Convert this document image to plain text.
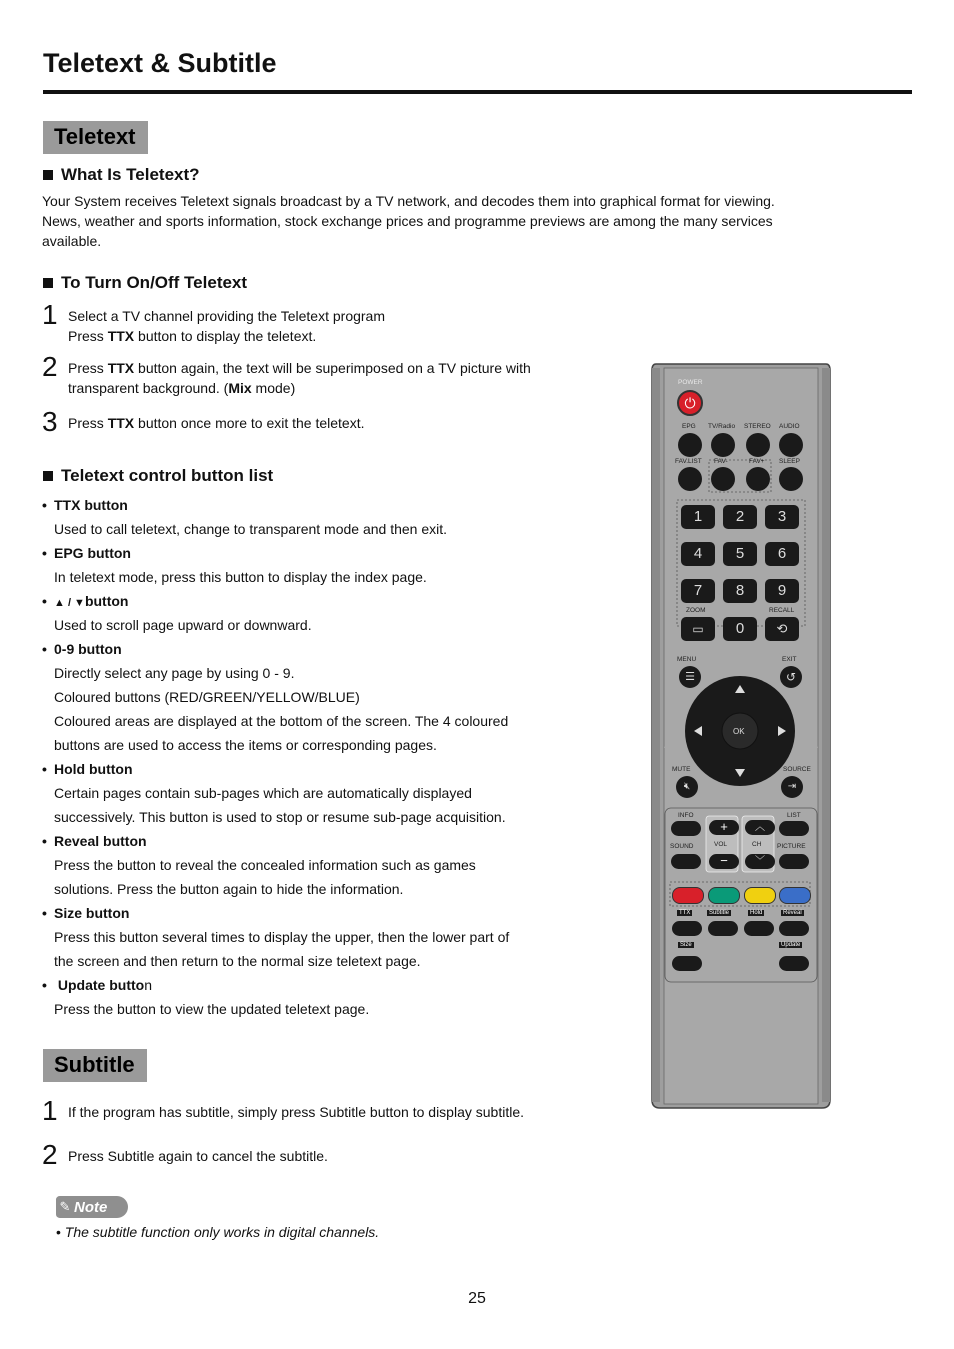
Teletext & Subtitle
Teletext
What Is Teletext?
Your System receives Teletext signals broadcast by a TV network, and decodes them into graphical format for viewing.
News, weather and sports information, stock exchange prices and programme previews are among the many services
available.
To Turn On/Off Teletext
1 Select a TV channel providing the Teletext program
Press TTX button to display the teletext.
2 Press TTX button again, the text will be superimposed on a TV picture with
transparent background. (Mix mode)
3 Press TTX button once more to exit the teletext.
Teletext control button list
• TTX button
Used to call teletext, change to transparent mode and then exit.
• EPG button
In teletext mode, press this button to display the index page.
• ▲ / ▼button
Used to scroll page upward or downward.
• 0-9 button
Directly select any page by using 0 - 9.
Coloured buttons (RED/GREEN/YELLOW/BLUE)
Coloured areas are displayed at the bottom of the screen. The 4 coloured
buttons are used to access the items or corresponding pages.
• Hold button
Certain pages contain sub-pages which are automatically displayed
successively. This button is used to stop or resume sub-page acquisition.
• Reveal button
Press the button to reveal the concealed information such as games
solutions. Press the button again to hide the information.
• Size button
Press this button several times to display the upper, then the lower part of
the screen and then return to the normal size teletext page.
• Update button
Press the button to view the updated teletext page.
Subtitle
1 If the program has subtitle, simply press Subtitle button to display subtitle.
2 Press Subtitle again to cancel the subtitle.
✎ Note
• The subtitle function only works in digital channels.
25
POWER
⏻
EPG TV/Radio STEREO AUDIO
FAV.LIST FAV-	FAV+ SLEEP
1	2	3
4	5	6
7	8	9
ZOOM	RECALL
▭	0	⟲
MENU	EXIT
☰	↺
OK
MUTE	SOURCE
🔇︎	⇥
INFO	LIST
+	︿
VOL	CH
SOUND	PICTURE
−	﹀
TTX	Subtitle	Hold	Reveal
Size	Update
